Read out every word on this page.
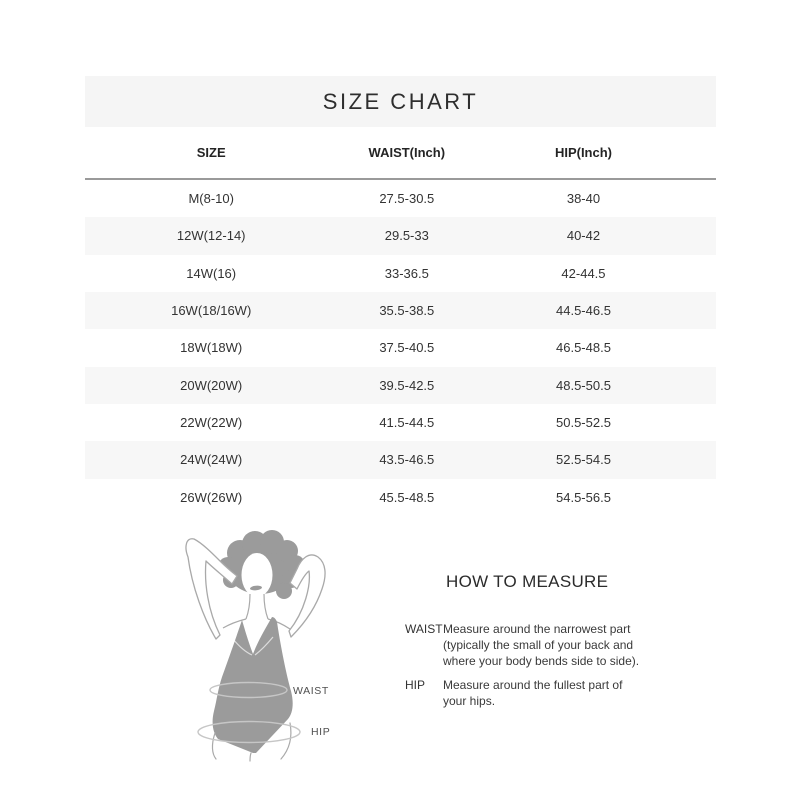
SIZE CHART
SIZE	WAIST(Inch)	HIP(Inch)
M(8-10)	27.5-30.5	38-40
12W(12-14)	29.5-33	40-42
14W(16)	33-36.5	42-44.5
16W(18/16W)	35.5-38.5	44.5-46.5
18W(18W)	37.5-40.5	46.5-48.5
20W(20W)	39.5-42.5	48.5-50.5
22W(22W)	41.5-44.5	50.5-52.5
24W(24W)	43.5-46.5	52.5-54.5
26W(26W)	45.5-48.5	54.5-56.5
WAIST
HIP
HOW TO MEASURE
WAIST Measure around the narrowest part
(typically the small of your back and
where your body bends side to side).
HIP	Measure around the fullest part of
your hips.
